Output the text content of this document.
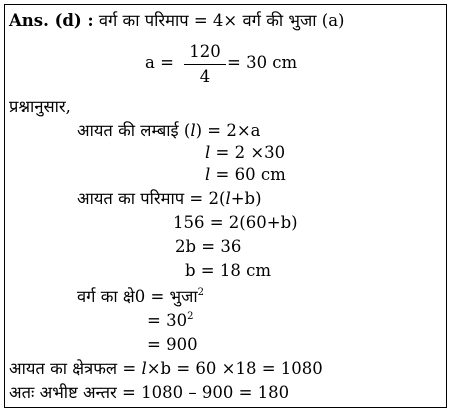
Ans. (d) : वर्ग का परिमाप = 4× वर्ग की भुजा (a)
a =
120
4
= 30 cm
प्रश्नानुसार,
आयत की लम्बाई (l) = 2×a
l = 2 ×30
l = 60 cm
आयत का परिमाप = 2(l+b)
156 = 2(60+b)
2b = 36
b = 18 cm
वर्ग का क्षे0 = भुजा$^2$
= $30^2$
= 900
आयत का क्षेत्रफल = l×b = 60 ×18 = 1080
अतः अभीष्ट अन्तर = 1080 – 900 = 180
